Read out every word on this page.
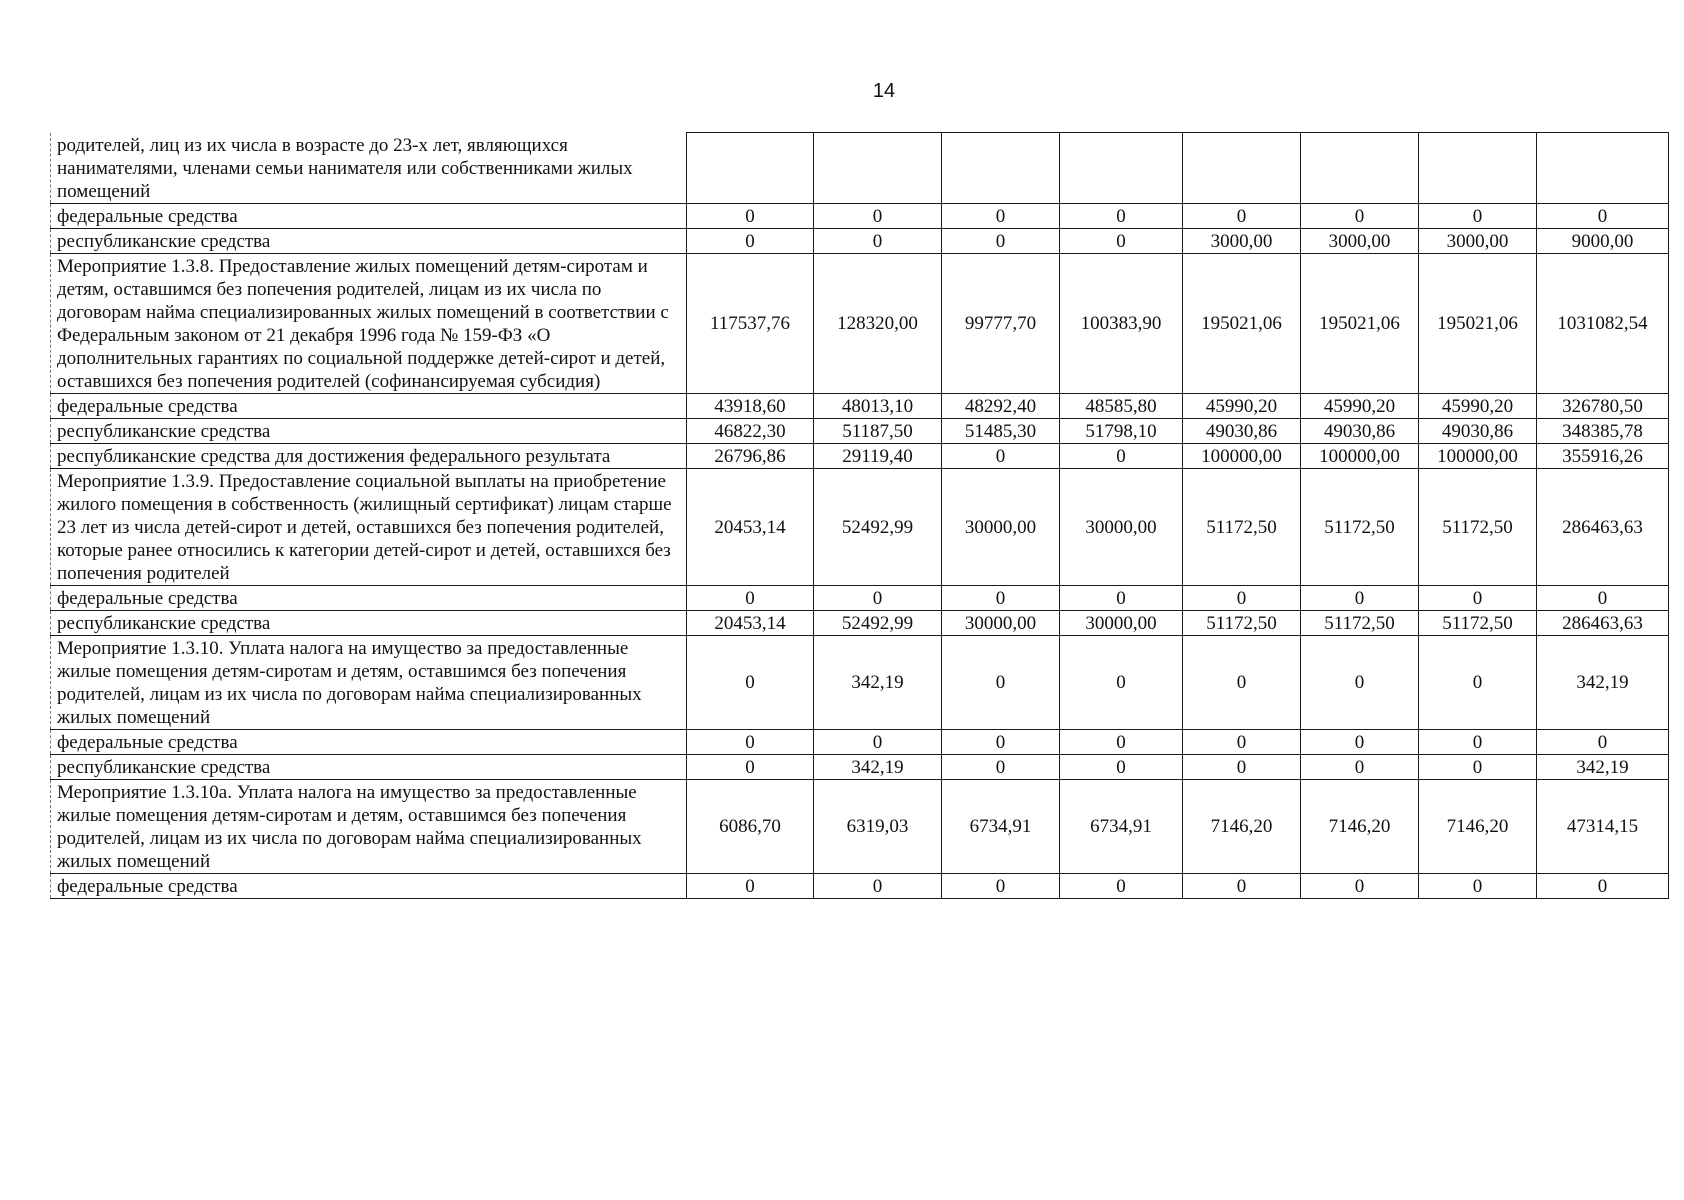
14
родителей, лиц из их числа в возрасте до 23-х лет, являющихся нанимателями, членами семьи нанимателя или собственниками жилых помещений								
федеральные средства	0	0	0	0	0	0	0	0
республиканские средства	0	0	0	0	3000,00	3000,00	3000,00	9000,00
Мероприятие 1.3.8. Предоставление жилых помещений детям-сиротам и детям, оставшимся без попечения родителей, лицам из их числа по договорам найма специализированных жилых помещений в соответствии с Федеральным законом от 21 декабря 1996 года № 159-ФЗ «О дополнительных гарантиях по социальной поддержке детей-сирот и детей, оставшихся без попечения родителей (софинансируемая субсидия)	117537,76	128320,00	99777,70	100383,90	195021,06	195021,06	195021,06	1031082,54
федеральные средства	43918,60	48013,10	48292,40	48585,80	45990,20	45990,20	45990,20	326780,50
республиканские средства	46822,30	51187,50	51485,30	51798,10	49030,86	49030,86	49030,86	348385,78
республиканские средства для достижения федерального результата	26796,86	29119,40	0	0	100000,00	100000,00	100000,00	355916,26
Мероприятие 1.3.9. Предоставление социальной выплаты на приобретение жилого помещения в собственность (жилищный сертификат) лицам старше 23 лет из числа детей-сирот и детей, оставшихся без попечения родителей, которые ранее относились к категории детей-сирот и детей, оставшихся без попечения родителей	20453,14	52492,99	30000,00	30000,00	51172,50	51172,50	51172,50	286463,63
федеральные средства	0	0	0	0	0	0	0	0
республиканские средства	20453,14	52492,99	30000,00	30000,00	51172,50	51172,50	51172,50	286463,63
Мероприятие 1.3.10. Уплата налога на имущество за предоставленные жилые помещения детям-сиротам и детям, оставшимся без попечения родителей, лицам из их числа по договорам найма специализированных жилых помещений	0	342,19	0	0	0	0	0	342,19
федеральные средства	0	0	0	0	0	0	0	0
республиканские средства	0	342,19	0	0	0	0	0	342,19
Мероприятие 1.3.10а. Уплата налога на имущество за предоставленные жилые помещения детям-сиротам и детям, оставшимся без попечения родителей, лицам из их числа по договорам найма специализированных жилых помещений	6086,70	6319,03	6734,91	6734,91	7146,20	7146,20	7146,20	47314,15
федеральные средства	0	0	0	0	0	0	0	0
